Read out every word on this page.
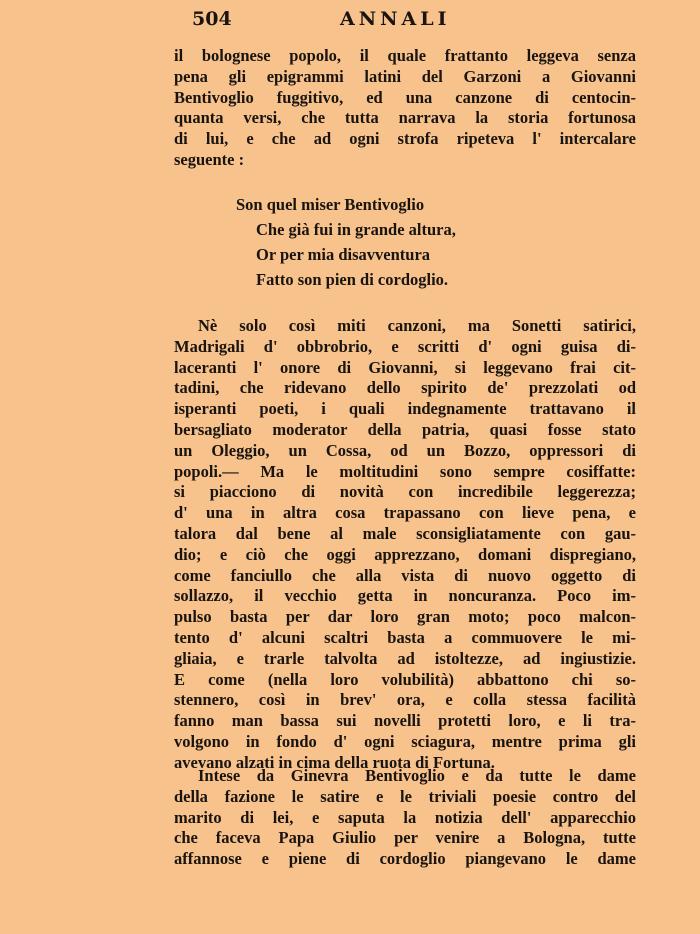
504	ANNALI
il bolognese popolo, il quale frattanto leggeva senza
pena gli epigrammi latini del Garzoni a Giovanni
Bentivoglio fuggitivo, ed una canzone di centocin-
quanta versi, che tutta narrava la storia fortunosa
di lui, e che ad ogni strofa ripeteva l' intercalare
seguente :
Son quel miser Bentivoglio
Che già fui in grande altura,
Or per mia disavventura
Fatto son pien di cordoglio.
Nè solo così miti canzoni, ma Sonetti satirici,
Madrigali d' obbrobrio, e scritti d' ogni guisa di-
laceranti l' onore di Giovanni, si leggevano frai cit-
tadini, che ridevano dello spirito de' prezzolati od
isperanti poeti, i quali indegnamente trattavano il
bersagliato moderator della patria, quasi fosse stato
un Oleggio, un Cossa, od un Bozzo, oppressori di
popoli.— Ma le moltitudini sono sempre cosiffatte:
si piacciono di novità con incredibile leggerezza;
d' una in altra cosa trapassano con lieve pena, e
talora dal bene al male sconsigliatamente con gau-
dio; e ciò che oggi apprezzano, domani dispregiano,
come fanciullo che alla vista di nuovo oggetto di
sollazzo, il vecchio getta in noncuranza. Poco im-
pulso basta per dar loro gran moto; poco malcon-
tento d' alcuni scaltri basta a commuovere le mi-
gliaia, e trarle talvolta ad istoltezze, ad ingiustizie.
E come (nella loro volubilità) abbattono chi so-
stennero, così in brev' ora, e colla stessa facilità
fanno man bassa sui novelli protetti loro, e li tra-
volgono in fondo d' ogni sciagura, mentre prima gli
avevano alzati in cima della ruota di Fortuna.
Intese da Ginevra Bentivoglio e da tutte le dame
della fazione le satire e le triviali poesie contro del
marito di lei, e saputa la notizia dell' apparecchio
che faceva Papa Giulio per venire a Bologna, tutte
affannose e piene di cordoglio piangevano le dame
